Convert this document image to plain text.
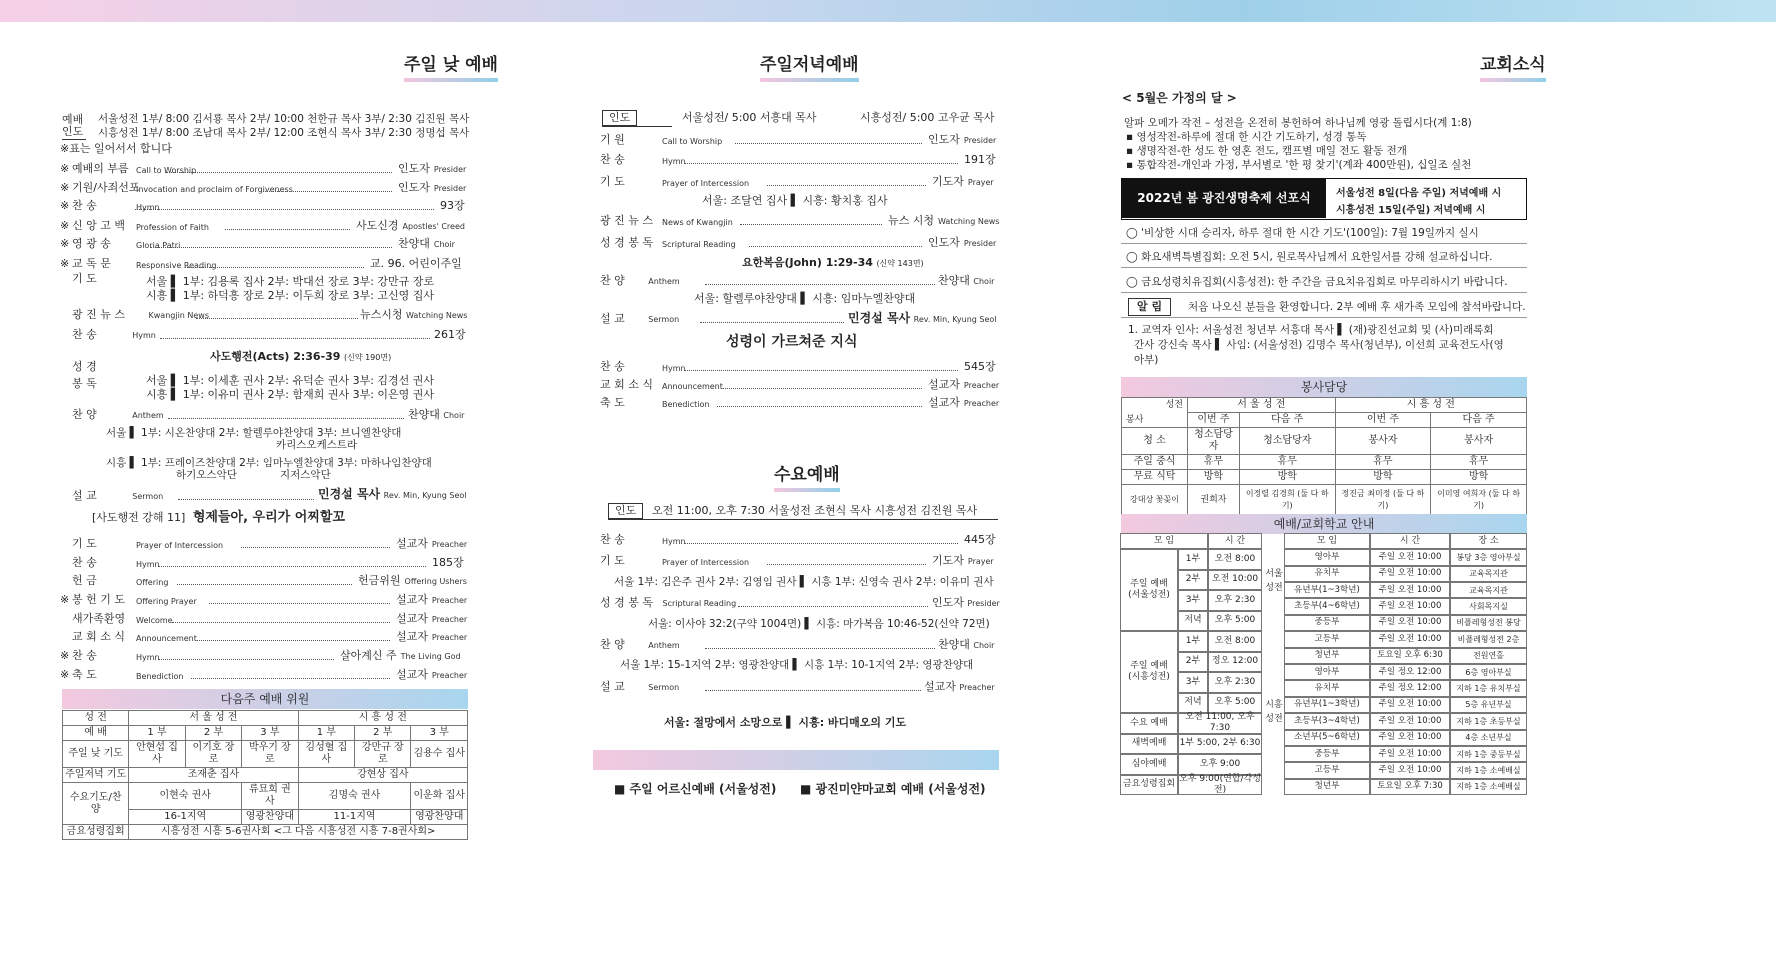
주일 낮 예배
예배
인도
서울성전 1부/ 8:00 김서룡 목사 2부/ 10:00 천한규 목사 3부/ 2:30 김진원 목사
시흥성전 1부/ 8:00 조남대 목사 2부/ 12:00 조현식 목사 3부/ 2:30 정명섭 목사
※표는 일어서서 합니다
※ 예배의 부름 Call to Worship	인도자 Presider
※ 기원/사죄선포
Invocation and proclaim of Forgiveness	인도자 Presider
※ 찬 송	Hymn	93장
※ 신 앙 고 백 Profession of Faith	사도신경 Apostles' Creed
※ 영 광 송	Gloria Patri	찬양대 Choir
※ 교 독 문	Responsive Reading	교. 96. 어린이주일
기 도	서울 ▌ 1부: 김용록 집사 2부: 박대선 장로 3부: 강만규 장로
시흥 ▌ 1부: 하덕흥 장로 2부: 이두희 장로 3부: 고신영 집사
광 진 뉴 스	Kwangjin News	뉴스시청 Watching News
찬 송	Hymn	261장
성 경
사도행전(Acts) 2:36-39 (신약 190면)
봉 독	서울 ▌ 1부: 이세훈 권사 2부: 유덕순 권사 3부: 김경선 권사
시흥 ▌ 1부: 이유미 권사 2부: 함재희 권사 3부: 이은영 권사
찬 양	Anthem	찬양대 Choir
서울 ▌ 1부: 시온찬양대 2부: 할렐루야찬양대 3부: 브니엘찬양대
카리스오케스트라
시흥 ▌ 1부: 프레이즈찬양대 2부: 임마누엘찬양대 3부: 마하나임찬양대
하기오스악단	지저스악단
설 교	Sermon	민경설 목사 Rev. Min, Kyung Seol
[사도행전 강해 11] 형제들아, 우리가 어찌할꼬
기 도	Prayer of Intercession	설교자 Preacher
찬 송	Hymn	185장
헌 금	Offering	헌금위원 Offering Ushers
※ 봉 헌 기 도 Offering Prayer	설교자 Preacher
새가족환영 Welcome	설교자 Preacher
교 회 소 식 Announcement	설교자 Preacher
※ 찬 송	Hymn	살아계신 주 The Living God
※ 축 도	Benediction	설교자 Preacher
다음주 예배 위원
성 전	서 울 성 전			시 흥 성 전		
예 배	1 부	2 부	3 부	1 부	2 부	3 부
주일 낮 기도	안현섭 집사	이기호 장로	박우기 장로	김성혈 집사	강만규 장로	김용수 집사
주일저녁 기도	조재춘 집사			강현상 집사		
수요기도/찬양	이현숙 권사		류묘희 권사	김명숙 권사		이운화 집사
	16-1지역		영광찬양대	11-1지역		영광찬양대
금요성령집회	시흥성전 시흥 5-6권사회 <그 다음 시흥성전 시흥 7-8권사회>					
주일저녁예배
인도	서울성전/ 5:00 서흥대 목사	시흥성전/ 5:00 고우균 목사
기 원	Call to Worship	인도자 Presider
찬 송	Hymn	191장
기 도	Prayer of Intercession	기도자 Prayer
서울: 조달연 집사 ▌ 시흥: 황치홍 집사
광 진 뉴 스 News of Kwangjin	뉴스 시청 Watching News
성 경 봉 독 Scriptural Reading	인도자 Presider
요한복음(John) 1:29-34 (신약 143면)
찬 양	Anthem	찬양대 Choir
서울: 할렐루야찬양대 ▌ 시흥: 임마누엘찬양대
설 교	Sermon	민경설 목사 Rev. Min, Kyung Seol
성령이 가르쳐준 지식
찬 송	Hymn	545장
교 회 소 식 Announcement	설교자 Preacher
축 도	Benediction	설교자 Preacher
수요예배
인도	오전 11:00, 오후 7:30 서울성전 조현식 목사 시흥성전 김진원 목사
찬 송	Hymn	445장
기 도	Prayer of Intercession	기도자 Prayer
서울 1부: 김은주 권사 2부: 김영임 권사 ▌ 시흥 1부: 신영숙 권사 2부: 이유미 권사
성 경 봉 독 Scriptural Reading	인도자 Presider
서울: 이사야 32:2(구약 1004면) ▌ 시흥: 마가복음 10:46-52(신약 72면)
찬 양	Anthem	찬양대 Choir
서울 1부: 15-1지역 2부: 영광찬양대 ▌ 시흥 1부: 10-1지역 2부: 영광찬양대
설 교	Sermon	설교자 Preacher
서울: 절망에서 소망으로 ▌ 시흥: 바디매오의 기도
■ 주일 어르신예배 (서울성전) ■ 광진미얀마교회 예배 (서울성전)
교회소식
< 5월은 가정의 달 >
알파 오메가 작전 – 성전을 온전히 봉헌하여 하나님께 영광 돌립시다(계 1:8)
▪ 영성작전-하루에 절대 한 시간 기도하기, 성경 통독
▪ 생명작전-한 성도 한 영혼 전도, 캠프별 매일 전도 활동 전개
▪ 통합작전-개인과 가정, 부서별로 '한 평 찾기'(계좌 400만원), 십일조 실천
2022년 봄 광진생명축제 선포식	서울성전 8일(다음 주일) 저녁예배 시
시흥성전 15일(주일) 저녁예배 시
◯ '비상한 시대 승리자, 하루 절대 한 시간 기도'(100일): 7월 19일까지 실시
◯ 화요새벽특별집회: 오전 5시, 원로목사님께서 요한일서를 강해 설교하십니다.
◯ 금요성령치유집회(시흥성전): 한 주간을 금요치유집회로 마무리하시기 바랍니다.
알 림	처음 나오신 분들을 환영합니다. 2부 예배 후 새가족 모임에 참석바랍니다.
1. 교역자 인사: 서울성전 청년부 서흥대 목사 ▌ (재)광진선교회 및 (사)미래록회
간사 강신숙 목사 ▌ 사임: (서울성전) 김명수 목사(청년부), 이선희 교육전도사(영
아부)
봉사담당
성전
봉사	서 울 성 전		시 흥 성 전	
	이번 주	다음 주	이번 주	다음 주
청 소	청소담당자	청소담당자	봉사자	봉사자
주일 중식	휴무	휴무	휴무	휴무
무료 식탁	방학	방학	방학	방학
강대상 꽃꽂이	권희자	이정렬 김경희 (둘 다 하기)	정진금 최미정 (둘 다 하기)	이미영 여희자 (둘 다 하기)
예배/교회학교 안내
모 임	시 간	모 임	시 간	장 소
주일 예배
(서울성전)
1부	오전 8:00
2부	오전 10:00
3부	오후 2:30
저녁	오후 5:00
주일 예배
(시흥성전)
1부	오전 8:00
2부	정오 12:00
3부	오후 2:30
저녁	오후 5:00
수요 예배
오전 11:00, 오후 7:30
새벽예배	1부 5:00, 2부 6:30
심야예배	오후 9:00
금요성령집회
오후 9:00(연합/각성전)
서울성전
시흥성전
영아부	주일 오전 10:00	봉당 3층 영아부실
유치부	주일 오전 10:00	교육목지관
유년부(1~3학년)	주일 오전 10:00	교육목지관
초등부(4~6학년)	주일 오전 10:00	사회목지실
중등부	주일 오전 10:00	비플레형성전 봉당
고등부	주일 오전 10:00	비플레형성전 2층
청년부	토요일 오후 6:30	전원연홀
영아부	주일 정오 12:00	6층 영아부실
유치부	주일 정오 12:00	지하 1층 유치부실
유년부(1~3학년)	주일 오전 10:00	5층 유년부실
초등부(3~4학년)	주일 오전 10:00	지하 1층 초등부실
소년부(5~6학년)	주일 오전 10:00	4층 소년부실
중등부	주일 오전 10:00	지하 1층 중등부실
고등부	주일 오전 10:00	지하 1층 소예배실
청년부	토요일 오후 7:30	지하 1층 소예배실
